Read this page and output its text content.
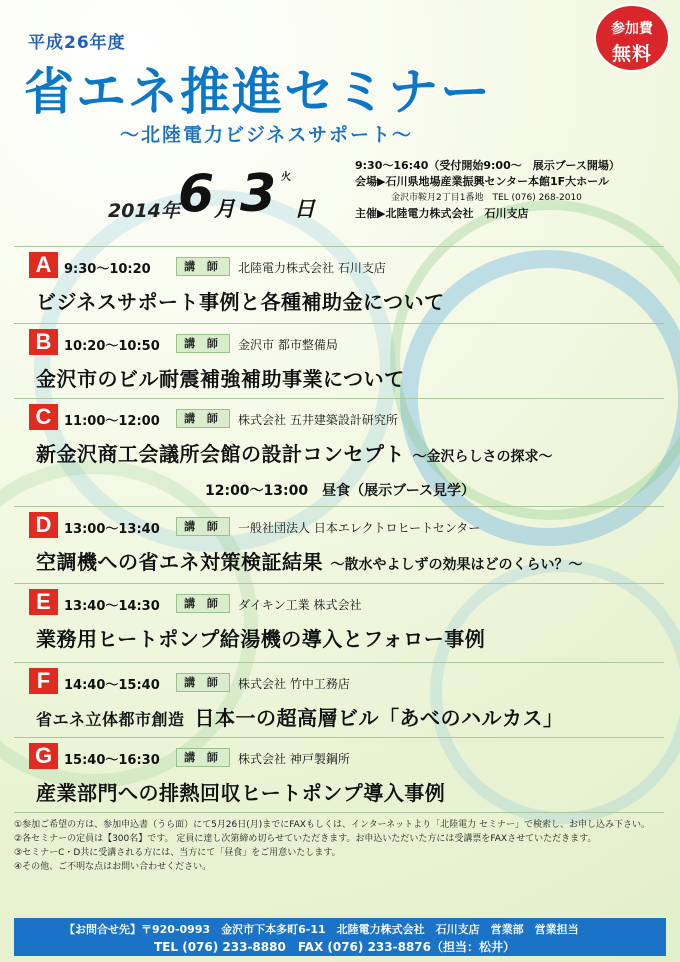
平成26年度
省エネ推進セミナー
〜北陸電力ビジネスサポート〜
参加費
無料
2014年
6 月 3 火
日
9:30〜16:40（受付開始9:00〜　展示ブース開場）
会場▶石川県地場産業振興センター本館1F大ホール
金沢市鞍月2丁目1番地　TEL (076) 268-2010
主催▶北陸電力株式会社　石川支店
A 9:30〜10:20	講 師	北陸電力株式会社 石川支店
ビジネスサポート事例と各種補助金について
B 10:20〜10:50	講 師	金沢市 都市整備局
金沢市のビル耐震補強補助事業について
C 11:00〜12:00	講 師	株式会社 五井建築設計研究所
新金沢商工会議所会館の設計コンセプト 〜金沢らしさの探求〜
12:00〜13:00　昼食（展示ブース見学）
D 13:00〜13:40	講 師	一般社団法人 日本エレクトロヒートセンター
空調機への省エネ対策検証結果 〜散水やよしずの効果はどのくらい？〜
E	13:40〜14:30	講 師	ダイキン工業 株式会社
業務用ヒートポンプ給湯機の導入とフォロー事例
F	14:40〜15:40	講 師	株式会社 竹中工務店
省エネ立体都市創造 日本一の超高層ビル「あべのハルカス」
G 15:40〜16:30	講 師	株式会社 神戸製鋼所
産業部門への排熱回収ヒートポンプ導入事例
①参加ご希望の方は、参加申込書（うら面）にて5月26日(月)までにFAXもしくは、インターネットより「北陸電力 セミナー」で検索し、お申し込み下さい。
②各セミナーの定員は【300名】です。 定員に達し次第締め切らせていただきます。お申込いただいた方には受講票をFAXさせていただきます。
③セミナーC・D共に受講される方には、当方にて「昼食」をご用意いたします。
④その他、ご不明な点はお問い合わせください。
【お問合せ先】〒920-0993　金沢市下本多町6-11　北陸電力株式会社　石川支店　営業部　営業担当
TEL (076) 233-8880　FAX (076) 233-8876（担当：松井）
